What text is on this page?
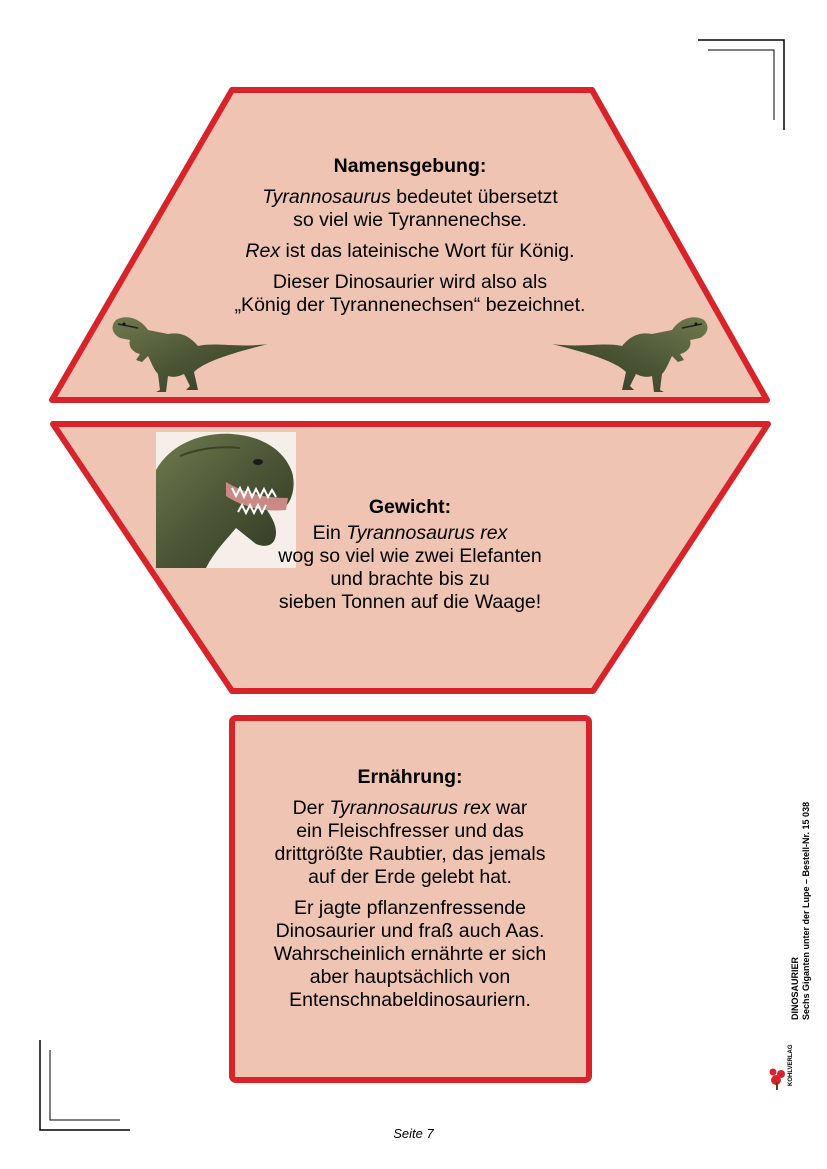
Namensgebung:

Tyrannosaurus bedeutet übersetzt
so viel wie Tyrannenechse.

Rex ist das lateinische Wort für König.

Dieser Dinosaurier wird also als
„König der Tyrannenechsen“ bezeichnet.

Gewicht:
Ein Tyrannosaurus rex
wog so viel wie zwei Elefanten
und brachte bis zu
sieben Tonnen auf die Waage!
Ernährung:

Der Tyrannosaurus rex war
ein Fleischfresser und das
drittgrößte Raubtier, das jemals
auf der Erde gelebt hat.

Er jagte pflanzenfressende
Dinosaurier und fraß auch Aas.
Wahrscheinlich ernährte er sich
aber hauptsächlich von
Entenschnabeldinosauriern.	DINOSAURIER Sechs Giganten unter der Lupe – Bestell-Nr. 15 038
KOHLVERLAG
Seite 7
